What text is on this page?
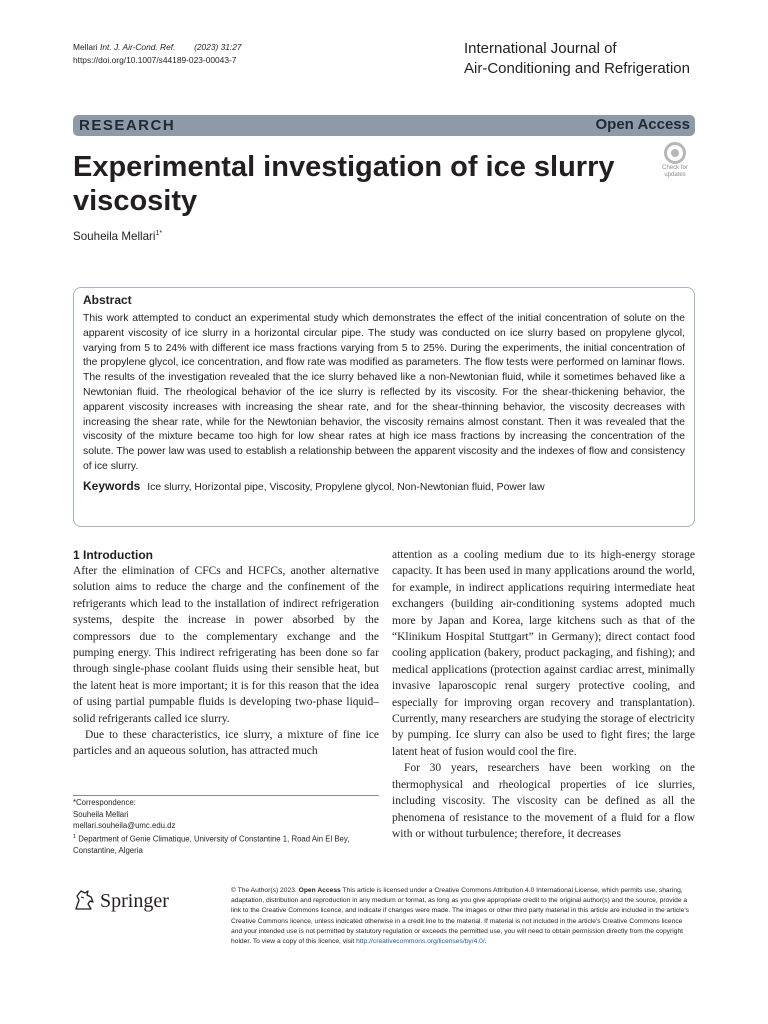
Mellari Int. J. Air-Cond. Ref. (2023) 31:27
https://doi.org/10.1007/s44189-023-00043-7
International Journal of
Air-Conditioning and Refrigeration
RESEARCH	Open Access
Experimental investigation of ice slurry viscosity
Check for
updates
Souheila Mellari$^{1*}$
Abstract
This work attempted to conduct an experimental study which demonstrates the effect of the initial concentration of solute on the apparent viscosity of ice slurry in a horizontal circular pipe. The study was conducted on ice slurry based on propylene glycol, varying from 5 to 24% with different ice mass fractions varying from 5 to 25%. During the experiments, the initial concentration of the propylene glycol, ice concentration, and flow rate was modified as parameters. The flow tests were performed on laminar flows. The results of the investigation revealed that the ice slurry behaved like a non-Newtonian fluid, while it sometimes behaved like a Newtonian fluid. The rheological behavior of the ice slurry is reflected by its viscosity. For the shear-thickening behavior, the apparent viscosity increases with increasing the shear rate, and for the shear-thinning behavior, the viscosity decreases with increasing the shear rate, while for the Newtonian behavior, the viscosity remains almost constant. Then it was revealed that the viscosity of the mixture became too high for low shear rates at high ice mass fractions by increasing the concentration of the solute. The power law was used to establish a relationship between the apparent viscosity and the indexes of flow and consistency of ice slurry.
Keywords Ice slurry, Horizontal pipe, Viscosity, Propylene glycol, Non-Newtonian fluid, Power law
1 Introduction

After the elimination of CFCs and HCFCs, another alternative solution aims to reduce the charge and the confinement of the refrigerants which lead to the installation of indirect refrigeration systems, despite the increase in power absorbed by the compressors due to the complementary exchange and the pumping energy. This indirect refrigerating has been done so far through single-phase coolant fluids using their sensible heat, but the latent heat is more important; it is for this reason that the idea of using partial pumpable fluids is developing two-phase liquid–solid refrigerants called ice slurry.

Due to these characteristics, ice slurry, a mixture of fine ice particles and an aqueous solution, has attracted much

attention as a cooling medium due to its high-energy storage capacity. It has been used in many applications around the world, for example, in indirect applications requiring intermediate heat exchangers (building air-conditioning systems adopted much more by Japan and Korea, large kitchens such as that of the “Klinikum Hospital Stuttgart” in Germany); direct contact food cooling application (bakery, product packaging, and fishing); and medical applications (protection against cardiac arrest, minimally invasive laparoscopic renal surgery protective cooling, and especially for improving organ recovery and transplantation). Currently, many researchers are studying the storage of electricity by pumping. Ice slurry can also be used to fight fires; the large latent heat of fusion would cool the fire.

For 30 years, researchers have been working on the thermophysical and rheological properties of ice slurries, including viscosity. The viscosity can be defined as all the phenomena of resistance to the movement of a fluid for a flow with or without turbulence; therefore, it decreases

*Correspondence:
Souheila Mellari
mellari.souheila@umc.edu.dz
$^1$ Department of Genie Climatique, University of Constantine 1, Road Ain El Bey, Constantine, Algeria
Springer	© The Author(s) 2023. Open Access This article is licensed under a Creative Commons Attribution 4.0 International License, which permits use, sharing, adaptation, distribution and reproduction in any medium or format, as long as you give appropriate credit to the original author(s) and the source, provide a link to the Creative Commons licence, and indicate if changes were made. The images or other third party material in this article are included in the article's Creative Commons licence, unless indicated otherwise in a credit line to the material. If material is not included in the article's Creative Commons licence and your intended use is not permitted by statutory regulation or exceeds the permitted use, you will need to obtain permission directly from the copyright holder. To view a copy of this licence, visit http://creativecommons.org/licenses/by/4.0/.
